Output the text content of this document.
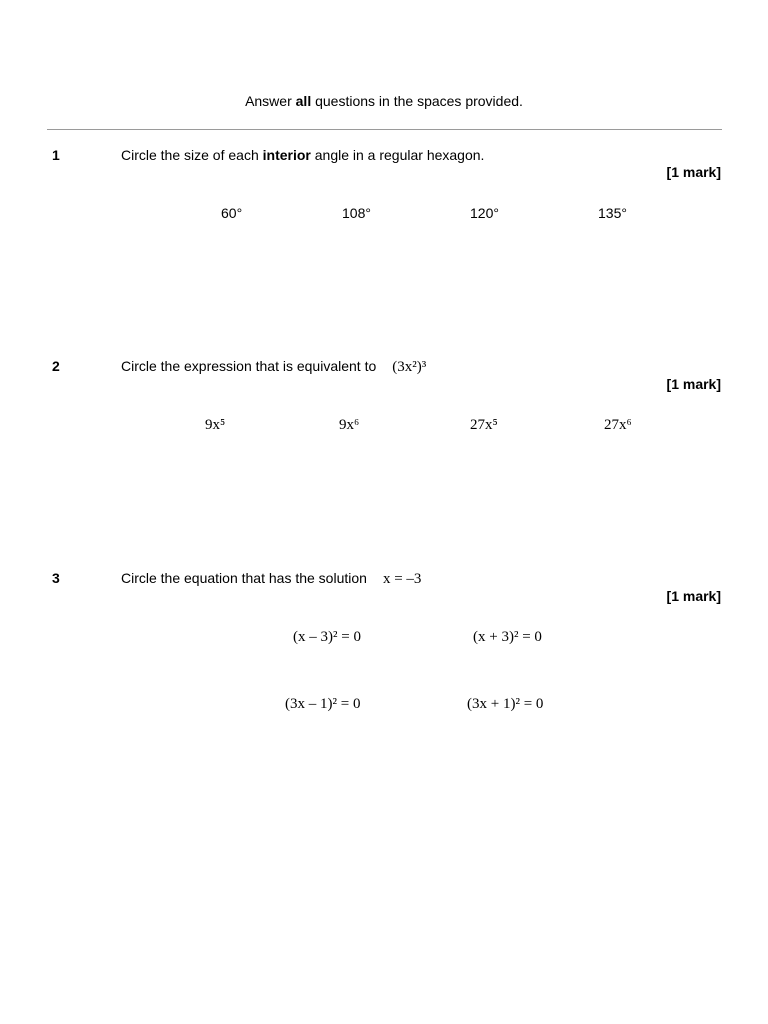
Answer all questions in the spaces provided.
1	Circle the size of each interior angle in a regular hexagon.
[1 mark]
60°	108°	120°	135°
2	Circle the expression that is equivalent to (3x²)³
[1 mark]
9x⁵	9x⁶	27x⁵	27x⁶
3	Circle the equation that has the solution x = –3
[1 mark]
(x – 3)² = 0	(x + 3)² = 0
(3x – 1)² = 0	(3x + 1)² = 0
